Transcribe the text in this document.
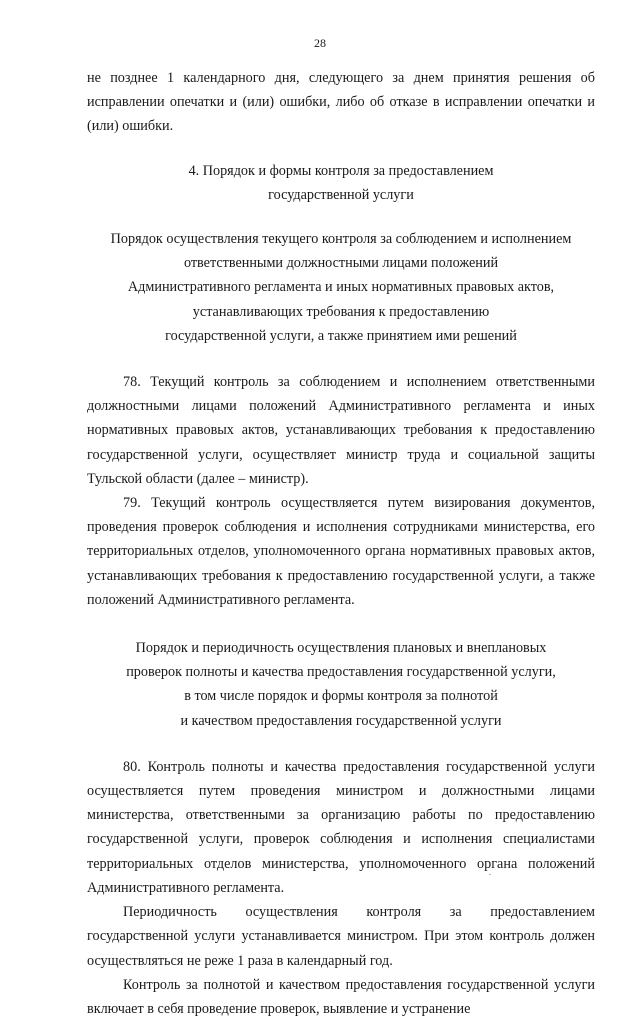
28

не позднее 1 календарного дня, следующего за днем принятия решения об исправлении опечатки и (или) ошибки, либо об отказе в исправлении опечатки и (или) ошибки.

4. Порядок и формы контроля за предоставлением
государственной услуги
Порядок осуществления текущего контроля за соблюдением и исполнением
ответственными должностными лицами положений
Административного регламента и иных нормативных правовых актов,
устанавливающих требования к предоставлению
государственной услуги, а также принятием ими решений

78. Текущий контроль за соблюдением и исполнением ответственными должностными лицами положений Административного регламента и иных нормативных правовых актов, устанавливающих требования к предоставлению государственной услуги, осуществляет министр труда и социальной защиты Тульской области (далее – министр).

79. Текущий контроль осуществляется путем визирования документов, проведения проверок соблюдения и исполнения сотрудниками министерства, его территориальных отделов, уполномоченного органа нормативных правовых актов, устанавливающих требования к предоставлению государственной услуги, а также положений Административного регламента.

Порядок и периодичность осуществления плановых и внеплановых
проверок полноты и качества предоставления государственной услуги,
в том числе порядок и формы контроля за полнотой
и качеством предоставления государственной услуги

80. Контроль полноты и качества предоставления государственной услуги осуществляется путем проведения министром и должностными лицами министерства, ответственными за организацию работы по предоставлению государственной услуги, проверок соблюдения и исполнения специалистами территориальных отделов министерства, уполномоченного органа положений Административного регламента.

Периодичность осуществления контроля за предоставлением государственной услуги устанавливается министром. При этом контроль должен осуществляться не реже 1 раза в календарный год.

Контроль за полнотой и качеством предоставления государственной услуги включает в себя проведение проверок, выявление и устранение
